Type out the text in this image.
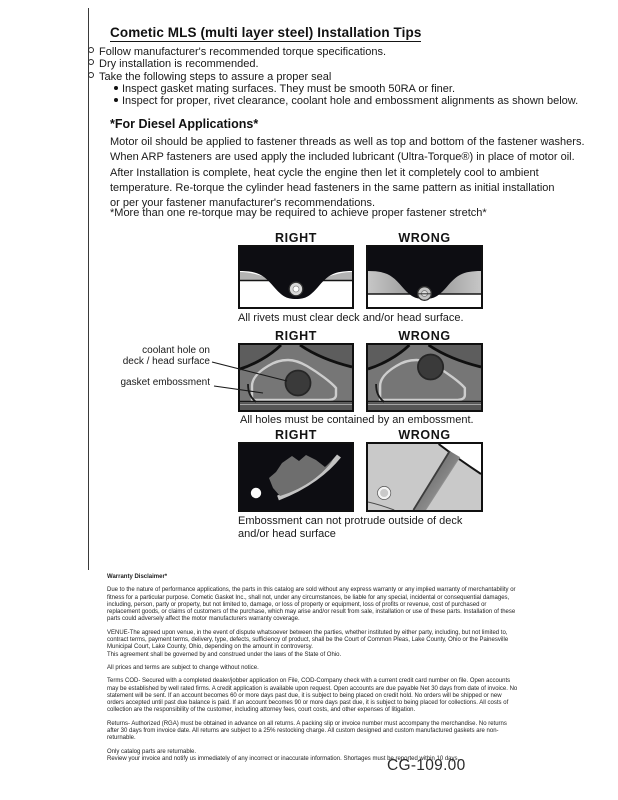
Cometic MLS (multi layer steel) Installation Tips
Follow manufacturer's recommended torque specifications.
Dry installation is recommended.
Take the following steps to assure a proper seal
Inspect gasket mating surfaces. They must be smooth 50RA or finer.
Inspect for proper, rivet clearance, coolant hole and embossment alignments as shown below.
*For Diesel Applications*
Motor oil should be applied to fastener threads as well as top and bottom of the fastener washers.
When ARP fasteners are used apply the included lubricant (Ultra-Torque®) in place of motor oil.
After Installation is complete, heat cycle the engine then let it completely cool to ambient
temperature. Re-torque the cylinder head fasteners in the same pattern as initial installation
or per your fastener manufacturer's recommendations.
*More than one re-torque may be required to achieve proper fastener stretch*
RIGHT	WRONG
All rivets must clear deck and/or head surface.
RIGHT	WRONG
coolant hole on
deck / head surface
gasket embossment
All holes must be contained by an embossment.
RIGHT	WRONG
Embossment can not protrude outside of deck
and/or head surface
Warranty Disclaimer*

Due to the nature of performance applications, the parts in this catalog are sold without any express warranty or any implied warranty of merchantability or fitness for a particular purpose. Cometic Gasket Inc., shall not, under any circumstances, be liable for any special, incidental or consequential damages, including, person, party or property, but not limited to, damage, or loss of property or equipment, loss of profits or revenue, cost of purchased or replacement goods, or claims of customers of the purchase, which may arise and/or result from sale, installation or use of these parts. Installation of these parts could adversely affect the motor manufacturers warranty coverage.

VENUE-The agreed upon venue, in the event of dispute whatsoever between the parties, whether instituted by either party, including, but not limited to, contract terms, payment terms, delivery, type, defects, sufficiency of product, shall be the Court of Common Pleas, Lake County, Ohio or the Painesville Municipal Court, Lake County, Ohio, depending on the amount in controversy.
This agreement shall be governed by and construed under the laws of the State of Ohio.

All prices and terms are subject to change without notice.

Terms COD- Secured with a completed dealer/jobber application on File, COD-Company check with a current credit card number on file. Open accounts may be established by well rated firms. A credit application is available upon request. Open accounts are due payable Net 30 days from date of invoice. No statement will be sent. If an account becomes 60 or more days past due, it is subject to being placed on credit hold. No orders will be shipped or new orders accepted until past due balance is paid. If an account becomes 90 or more days past due, it is subject to being placed for collections. All costs of collection are the responsibility of the customer, including attorney fees, court costs, and other expenses of litigation.

Returns- Authorized (RGA) must be obtained in advance on all returns. A packing slip or invoice number must accompany the merchandise. No returns after 30 days from invoice date. All returns are subject to a 25% restocking charge. All custom designed and custom manufactured gaskets are non-returnable.

Only catalog parts are returnable.
Review your invoice and notify us immediately of any incorrect or inaccurate information. Shortages must be reported within 10 days.

CG-109.00
